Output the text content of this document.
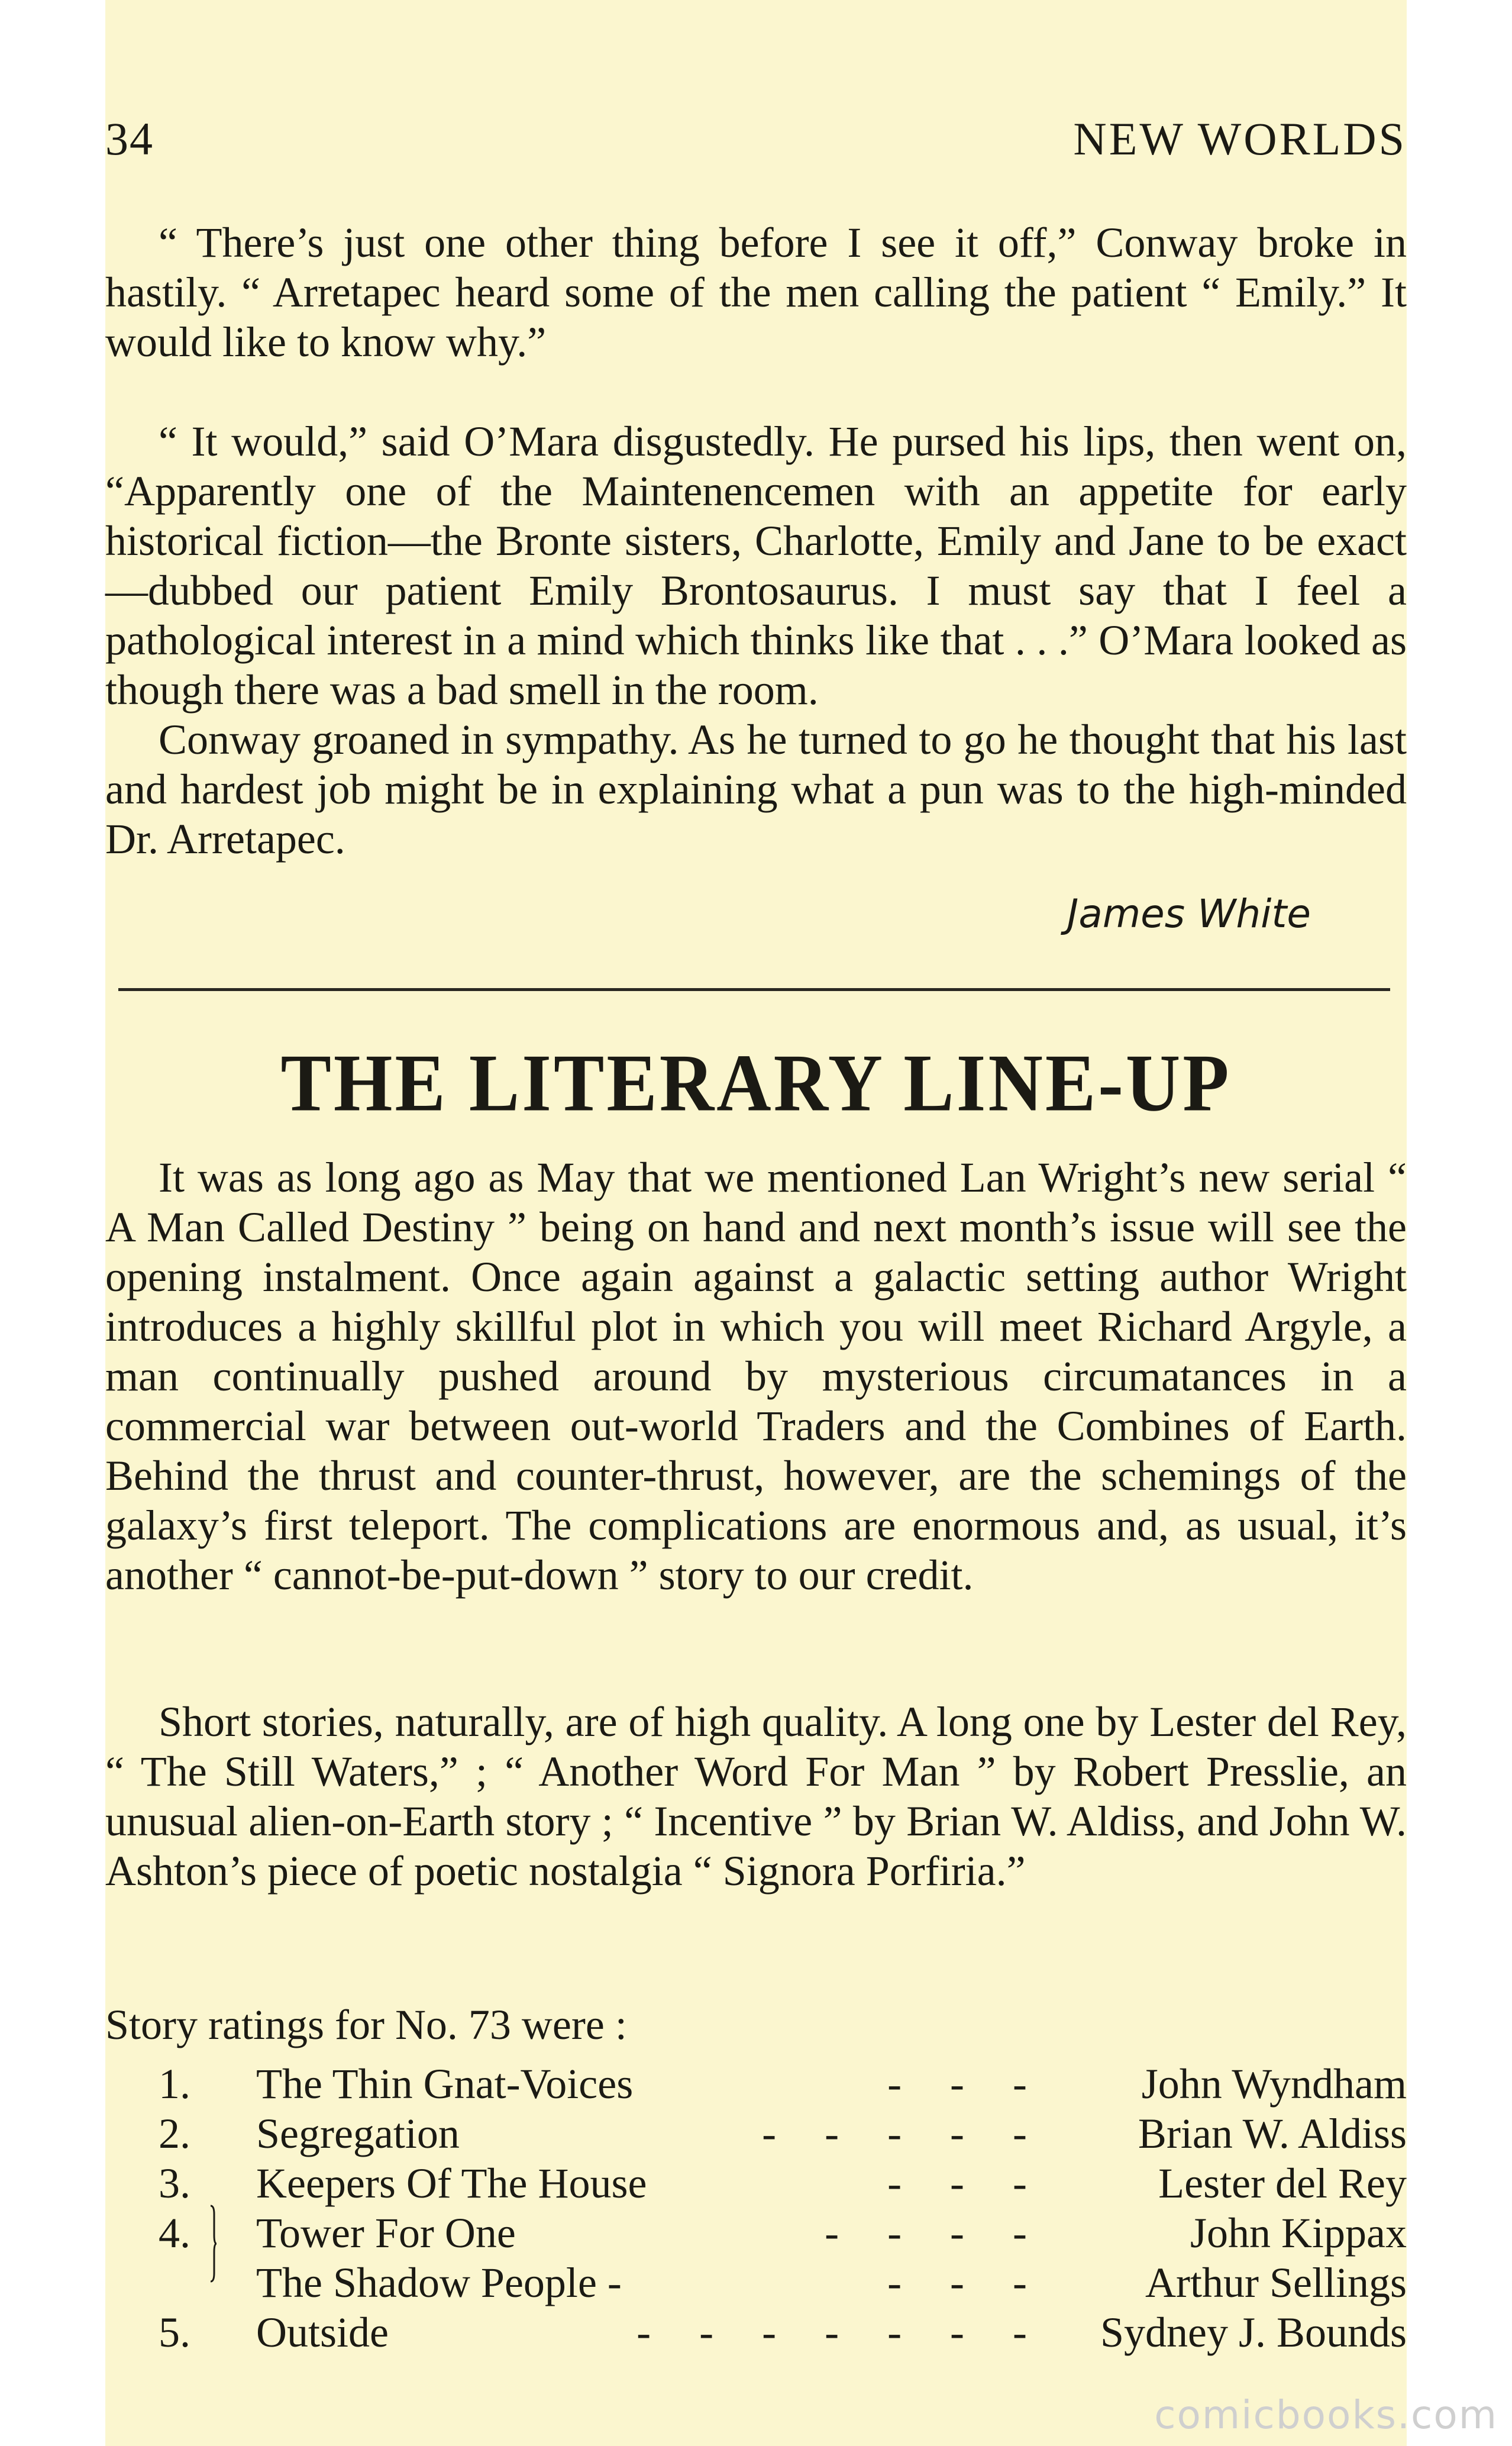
34	NEW WORLDS

“ There’s just one other thing before I see it off,” Conway broke in hastily. “ Arretapec heard some of the men calling the patient “ Emily.” It would like to know why.”

“ It would,” said O’Mara disgustedly. He pursed his lips, then went on, “Apparently one of the Maintenencemen with an appetite for early historical fiction—the Bronte sisters, Charlotte, Emily and Jane to be exact—dubbed our patient Emily Brontosaurus. I must say that I feel a pathological interest in a mind which thinks like that . . .” O’Mara looked as though there was a bad smell in the room.

Conway groaned in sympathy. As he turned to go he thought that his last and hardest job might be in explaining what a pun was to the high-minded Dr. Arretapec.

James White
THE LITERARY LINE-UP

It was as long ago as May that we mentioned Lan Wright’s new serial “ A Man Called Destiny ” being on hand and next month’s issue will see the opening instalment. Once again against a galactic setting author Wright introduces a highly skillful plot in which you will meet Richard Argyle, a man continually pushed around by mysterious circumatances in a commercial war between out-world Traders and the Combines of Earth. Behind the thrust and counter-thrust, however, are the schemings of the galaxy’s first teleport. The complications are enormous and, as usual, it’s another “ cannot-be-put-down ” story to our credit.

Short stories, naturally, are of high quality. A long one by Lester del Rey, “ The Still Waters,” ; “ Another Word For Man ” by Robert Presslie, an unusual alien-on-Earth story ; “ Incentive ” by Brian W. Aldiss, and John W. Ashton’s piece of poetic nostalgia “ Signora Porfiria.”

Story ratings for No. 73 were :
1.	The Thin Gnat-Voices	-    -    -	John Wyndham
2.	Segregation	-    -    -    -    -	Brian W. Aldiss
3.	Keepers Of The House	-    -    -	Lester del Rey
4. Tower For One	-    -    -    -	John Kippax
The Shadow People -	-    -    -	Arthur Sellings
5.	Outside	-    -    -    -    -    -    - Sydney J. Bounds
comicbooks.com
